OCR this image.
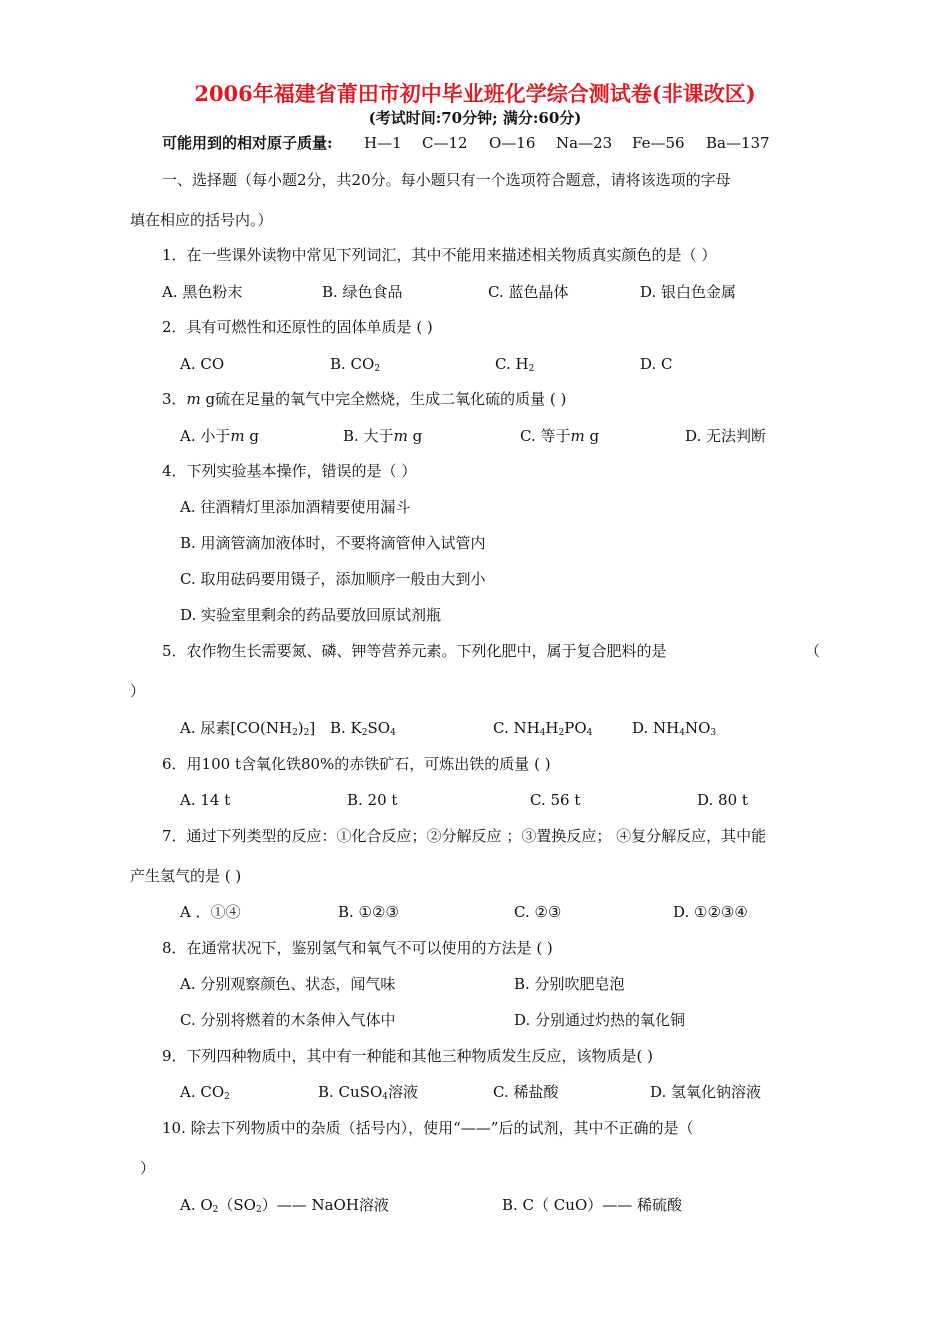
2006年福建省莆田市初中毕业班化学综合测试卷(非课改区)
(考试时间:70分钟; 满分:60分)
可能用到的相对原子质量: H—1 C—12 O—16 Na—23 Fe—56 Ba—137
一、选择题（每小题2分，共20分。每小题只有一个选项符合题意，请将该选项的字母
填在相应的括号内。）
1．在一些课外读物中常见下列词汇，其中不能用来描述相关物质真实颜色的是（ ）
A. 黑色粉末	B. 绿色食品	C. 蓝色晶体	D. 银白色金属
2．具有可燃性和还原性的固体单质是 ( )
A. CO	B. $CO_2$	C. $H_2$	D. C
3．m g硫在足量的氧气中完全燃烧，生成二氧化硫的质量 ( )
A. 小于m g	B. 大于m g	C. 等于m g	D. 无法判断
4．下列实验基本操作，错误的是（ ）
A. 往酒精灯里添加酒精要使用漏斗
B. 用滴管滴加液体时，不要将滴管伸入试管内
C. 取用砝码要用镊子，添加顺序一般由大到小
D. 实验室里剩余的药品要放回原试剂瓶
5．农作物生长需要氮、磷、钾等营养元素。下列化肥中，属于复合肥料的是	（
）
A. 尿素$[CO(NH_2)_2]$ B. $K_2SO_4$	C. $NH_4H_2PO_4$	D. $NH_4NO_3$
6．用100 t含氧化铁80%的赤铁矿石，可炼出铁的质量 ( )
A. 14 t	B. 20 t	C. 56 t	D. 80 t
7．通过下列类型的反应：①化合反应；②分解反应 ；③置换反应； ④复分解反应，其中能
产生氢气的是 ( )
A ．①④	B. ①②③	C. ②③	D. ①②③④
8．在通常状况下，鉴别氢气和氧气不可以使用的方法是 ( )
A. 分别观察颜色、状态，闻气味	B. 分别吹肥皂泡
C. 分别将燃着的木条伸入气体中	D. 分别通过灼热的氧化铜
9．下列四种物质中，其中有一种能和其他三种物质发生反应，该物质是( )
A. $CO_2$	B. CuSO$_4$溶液	C. 稀盐酸	D. 氢氧化钠溶液
10. 除去下列物质中的杂质（括号内），使用“——”后的试剂，其中不正确的是（
）
A. $O_2(SO_2)——$ NaOH溶液	B. C（ CuO）—— 稀硫酸
